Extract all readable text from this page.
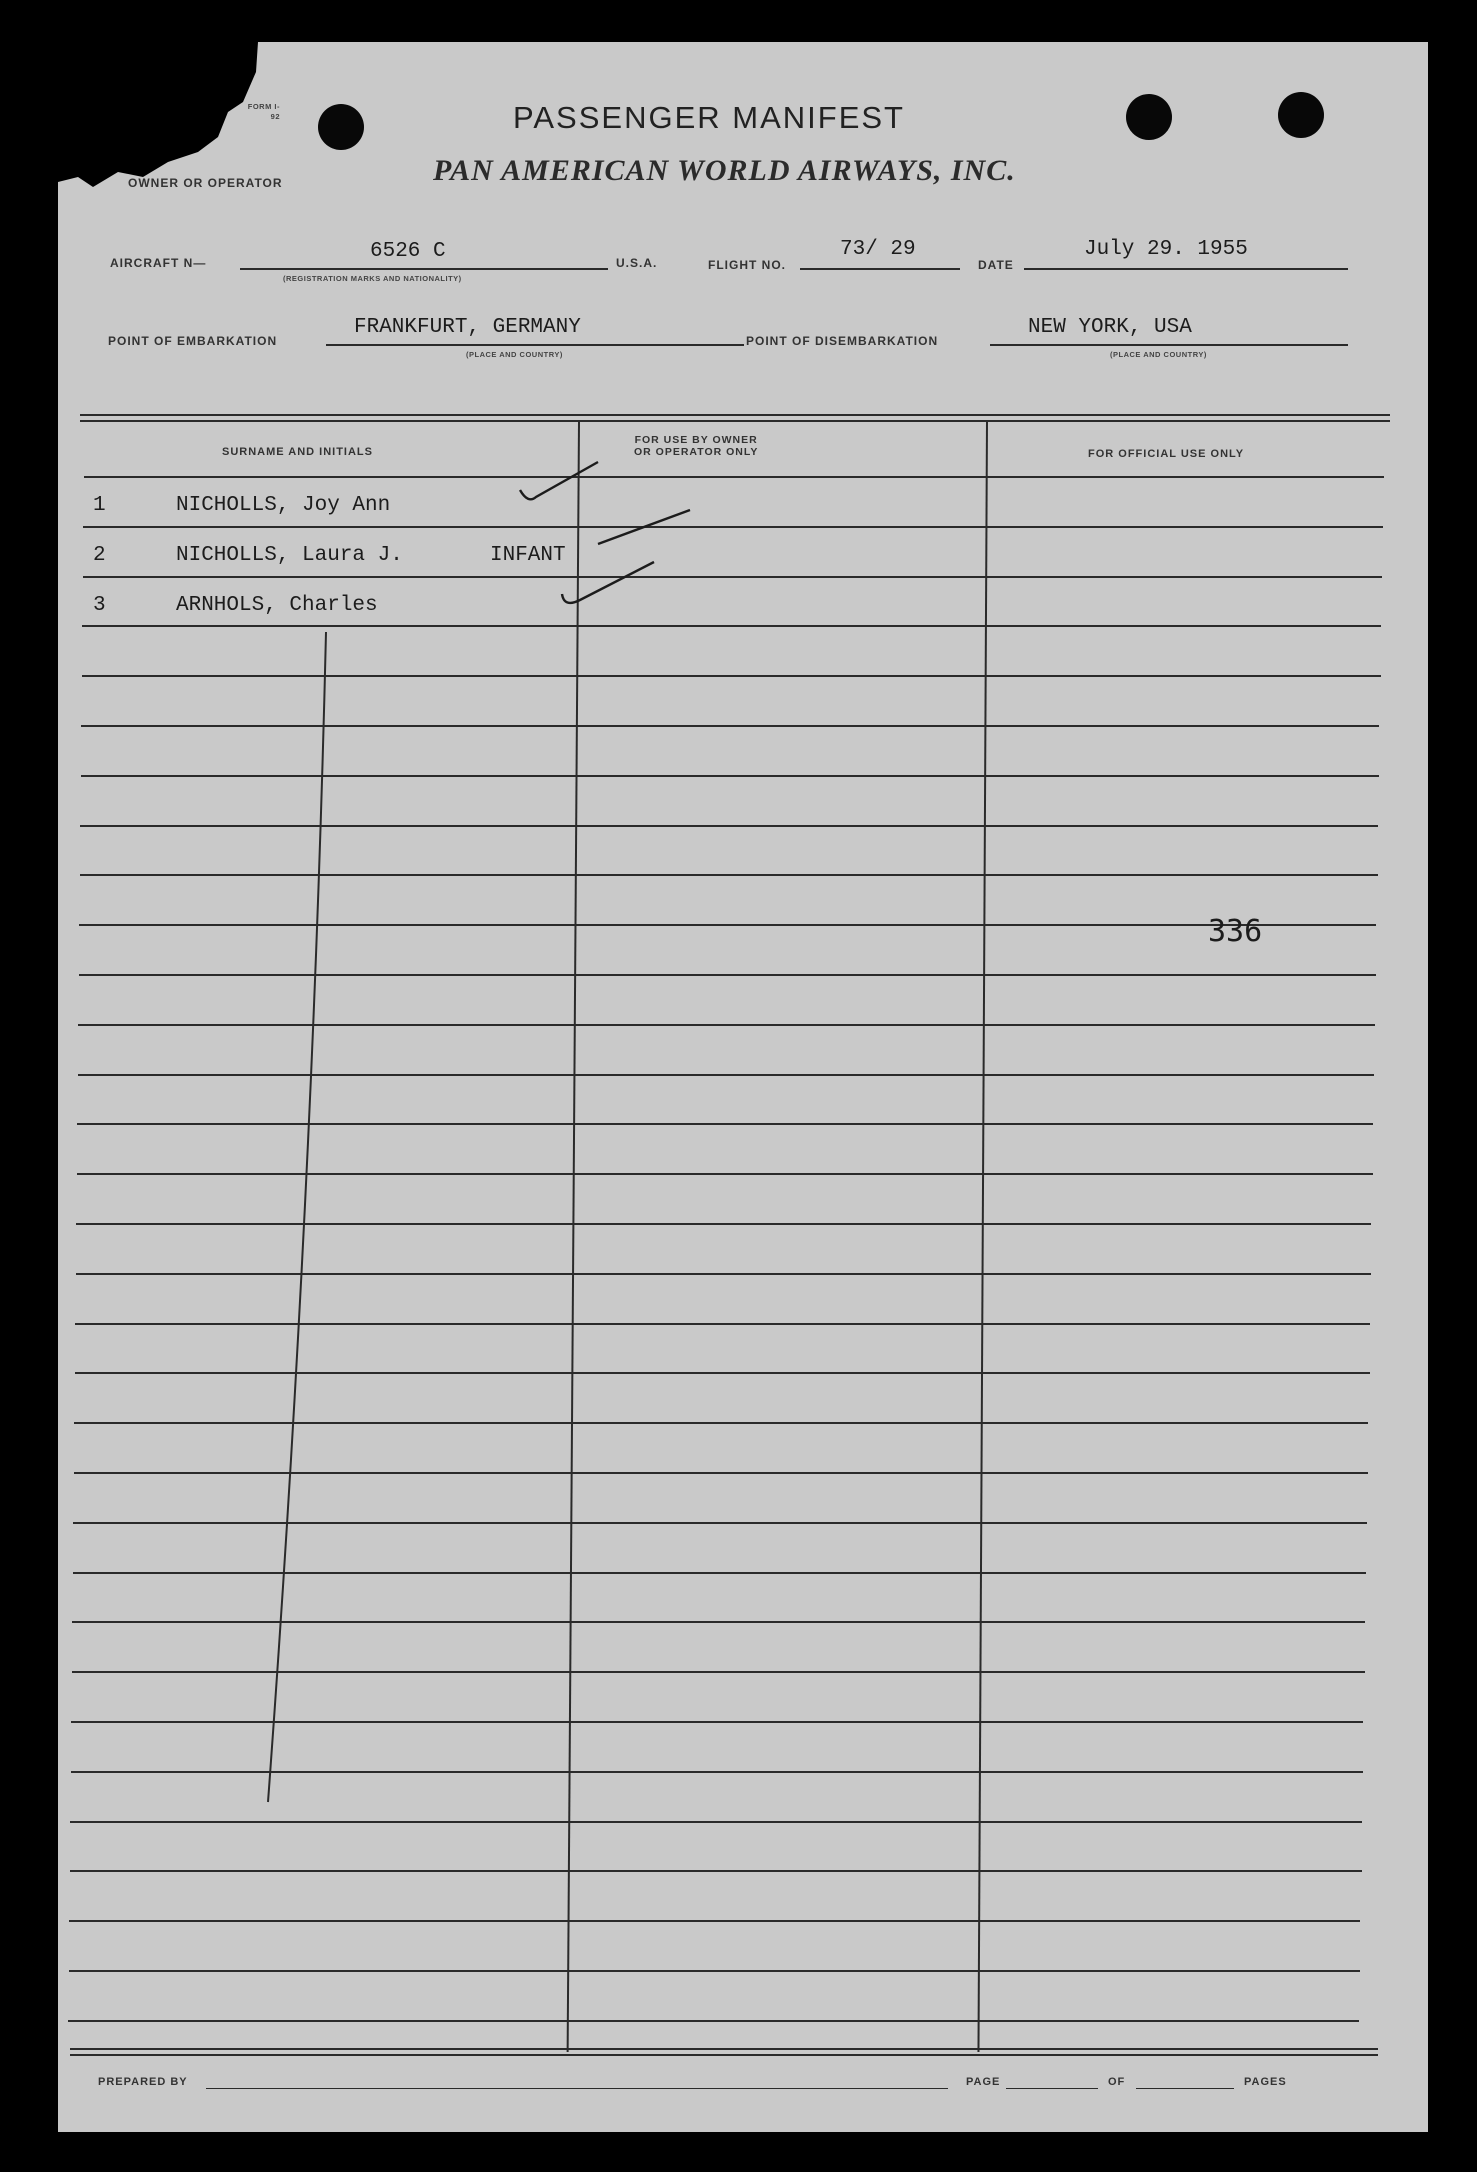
FORM I-
92	PASSENGER MANIFEST
OWNER OR OPERATOR	PAN AMERICAN WORLD AIRWAYS, INC.
AIRCRAFT N—	6526 C
(REGISTRATION MARKS AND NATIONALITY)
U.S.A.	FLIGHT NO.
73/ 29
DATE
July 29. 1955
POINT OF EMBARKATION
FRANKFURT, GERMANY
(PLACE AND COUNTRY)
POINT OF DISEMBARKATION
NEW YORK, USA
(PLACE AND COUNTRY)
SURNAME AND INITIALS
FOR USE BY OWNER
OR OPERATOR ONLY	FOR OFFICIAL USE ONLY
1	NICHOLLS, Joy Ann
2	NICHOLLS, Laura J.	INFANT
3	ARNHOLS, Charles
336
PREPARED BY	PAGE	OF	PAGES
